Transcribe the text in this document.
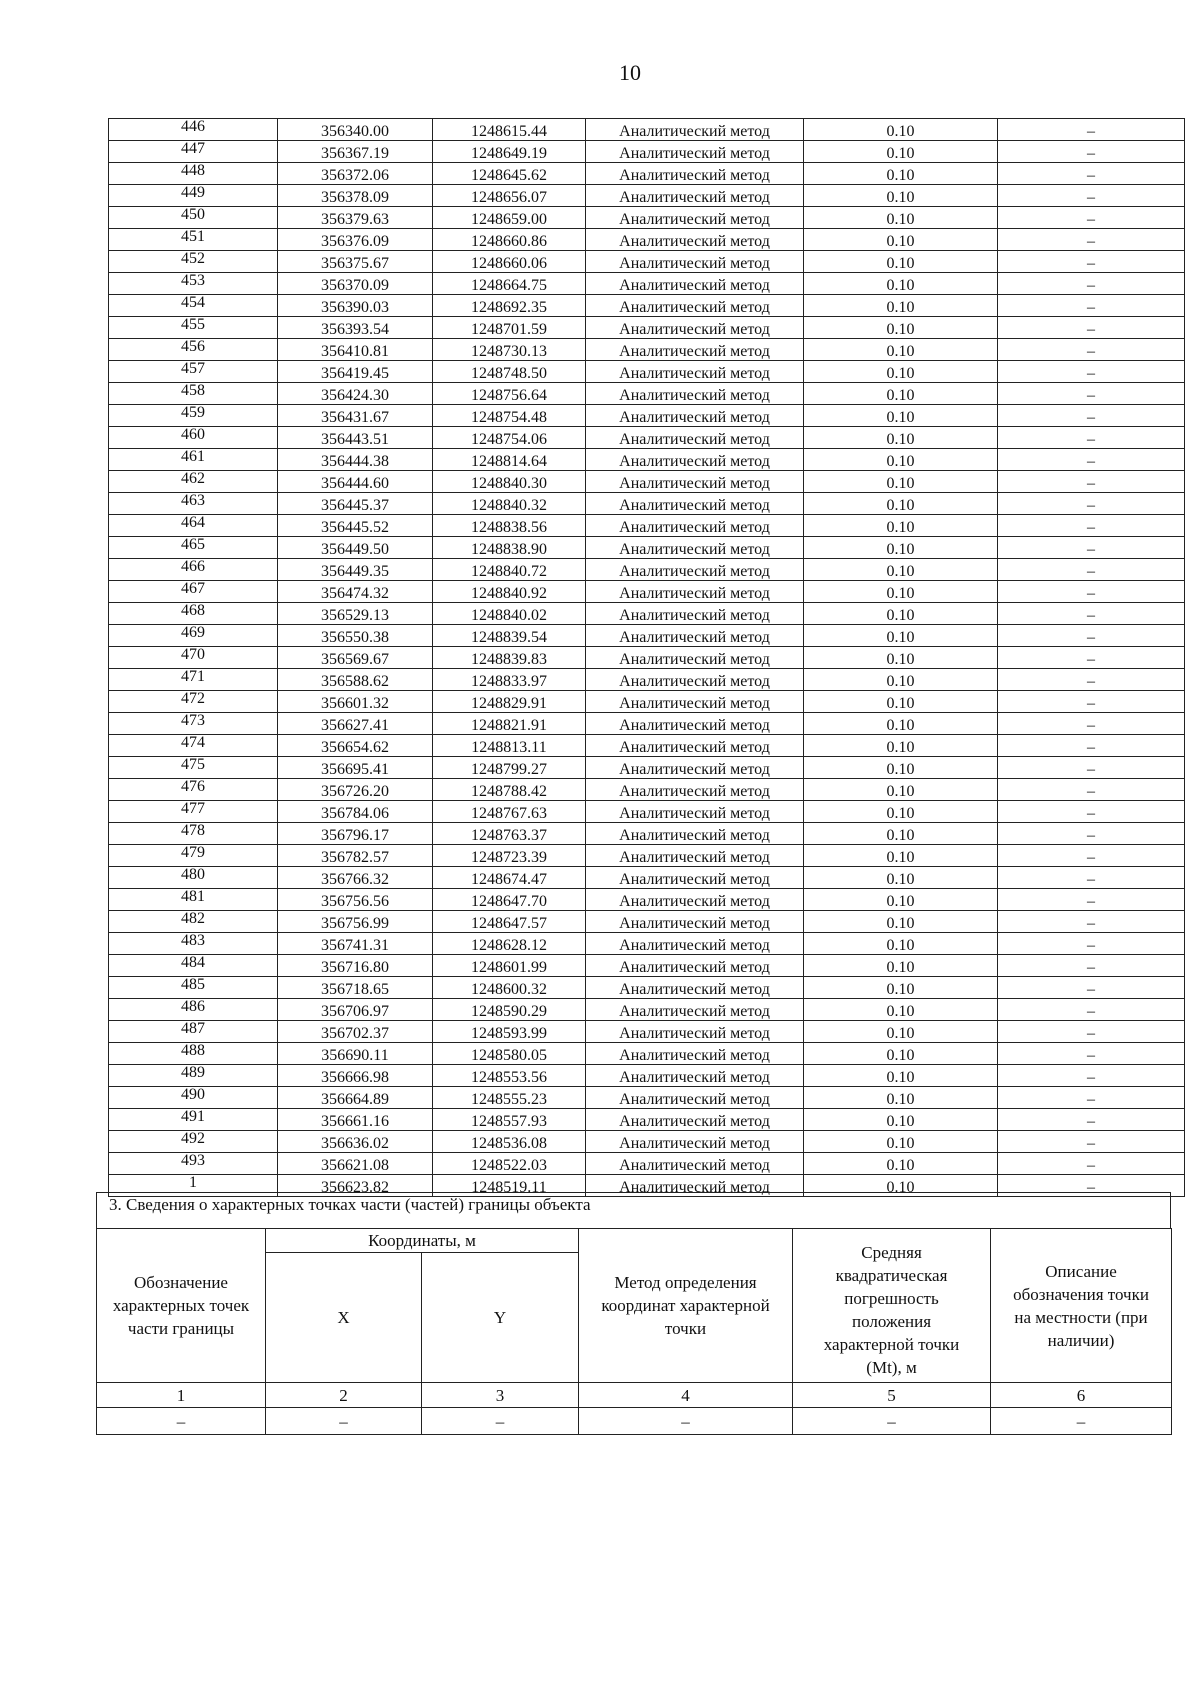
10
446	356340.00	1248615.44	Аналитический метод	0.10	–
447	356367.19	1248649.19	Аналитический метод	0.10	–
448	356372.06	1248645.62	Аналитический метод	0.10	–
449	356378.09	1248656.07	Аналитический метод	0.10	–
450	356379.63	1248659.00	Аналитический метод	0.10	–
451	356376.09	1248660.86	Аналитический метод	0.10	–
452	356375.67	1248660.06	Аналитический метод	0.10	–
453	356370.09	1248664.75	Аналитический метод	0.10	–
454	356390.03	1248692.35	Аналитический метод	0.10	–
455	356393.54	1248701.59	Аналитический метод	0.10	–
456	356410.81	1248730.13	Аналитический метод	0.10	–
457	356419.45	1248748.50	Аналитический метод	0.10	–
458	356424.30	1248756.64	Аналитический метод	0.10	–
459	356431.67	1248754.48	Аналитический метод	0.10	–
460	356443.51	1248754.06	Аналитический метод	0.10	–
461	356444.38	1248814.64	Аналитический метод	0.10	–
462	356444.60	1248840.30	Аналитический метод	0.10	–
463	356445.37	1248840.32	Аналитический метод	0.10	–
464	356445.52	1248838.56	Аналитический метод	0.10	–
465	356449.50	1248838.90	Аналитический метод	0.10	–
466	356449.35	1248840.72	Аналитический метод	0.10	–
467	356474.32	1248840.92	Аналитический метод	0.10	–
468	356529.13	1248840.02	Аналитический метод	0.10	–
469	356550.38	1248839.54	Аналитический метод	0.10	–
470	356569.67	1248839.83	Аналитический метод	0.10	–
471	356588.62	1248833.97	Аналитический метод	0.10	–
472	356601.32	1248829.91	Аналитический метод	0.10	–
473	356627.41	1248821.91	Аналитический метод	0.10	–
474	356654.62	1248813.11	Аналитический метод	0.10	–
475	356695.41	1248799.27	Аналитический метод	0.10	–
476	356726.20	1248788.42	Аналитический метод	0.10	–
477	356784.06	1248767.63	Аналитический метод	0.10	–
478	356796.17	1248763.37	Аналитический метод	0.10	–
479	356782.57	1248723.39	Аналитический метод	0.10	–
480	356766.32	1248674.47	Аналитический метод	0.10	–
481	356756.56	1248647.70	Аналитический метод	0.10	–
482	356756.99	1248647.57	Аналитический метод	0.10	–
483	356741.31	1248628.12	Аналитический метод	0.10	–
484	356716.80	1248601.99	Аналитический метод	0.10	–
485	356718.65	1248600.32	Аналитический метод	0.10	–
486	356706.97	1248590.29	Аналитический метод	0.10	–
487	356702.37	1248593.99	Аналитический метод	0.10	–
488	356690.11	1248580.05	Аналитический метод	0.10	–
489	356666.98	1248553.56	Аналитический метод	0.10	–
490	356664.89	1248555.23	Аналитический метод	0.10	–
491	356661.16	1248557.93	Аналитический метод	0.10	–
492	356636.02	1248536.08	Аналитический метод	0.10	–
493	356621.08	1248522.03	Аналитический метод	0.10	–
1	356623.82	1248519.11	Аналитический метод	0.10	–
3. Сведения о характерных точках части (частей) границы объекта
Обозначение характерных точек части границы	Координаты, м		Метод определения координат характерной точки	Средняя квадратическая погрешность положения характерной точки (Mt), м	Описание обозначения точки на местности (при наличии)
	X	Y			
1	2	3	4	5	6
–	–	–	–	–	–
